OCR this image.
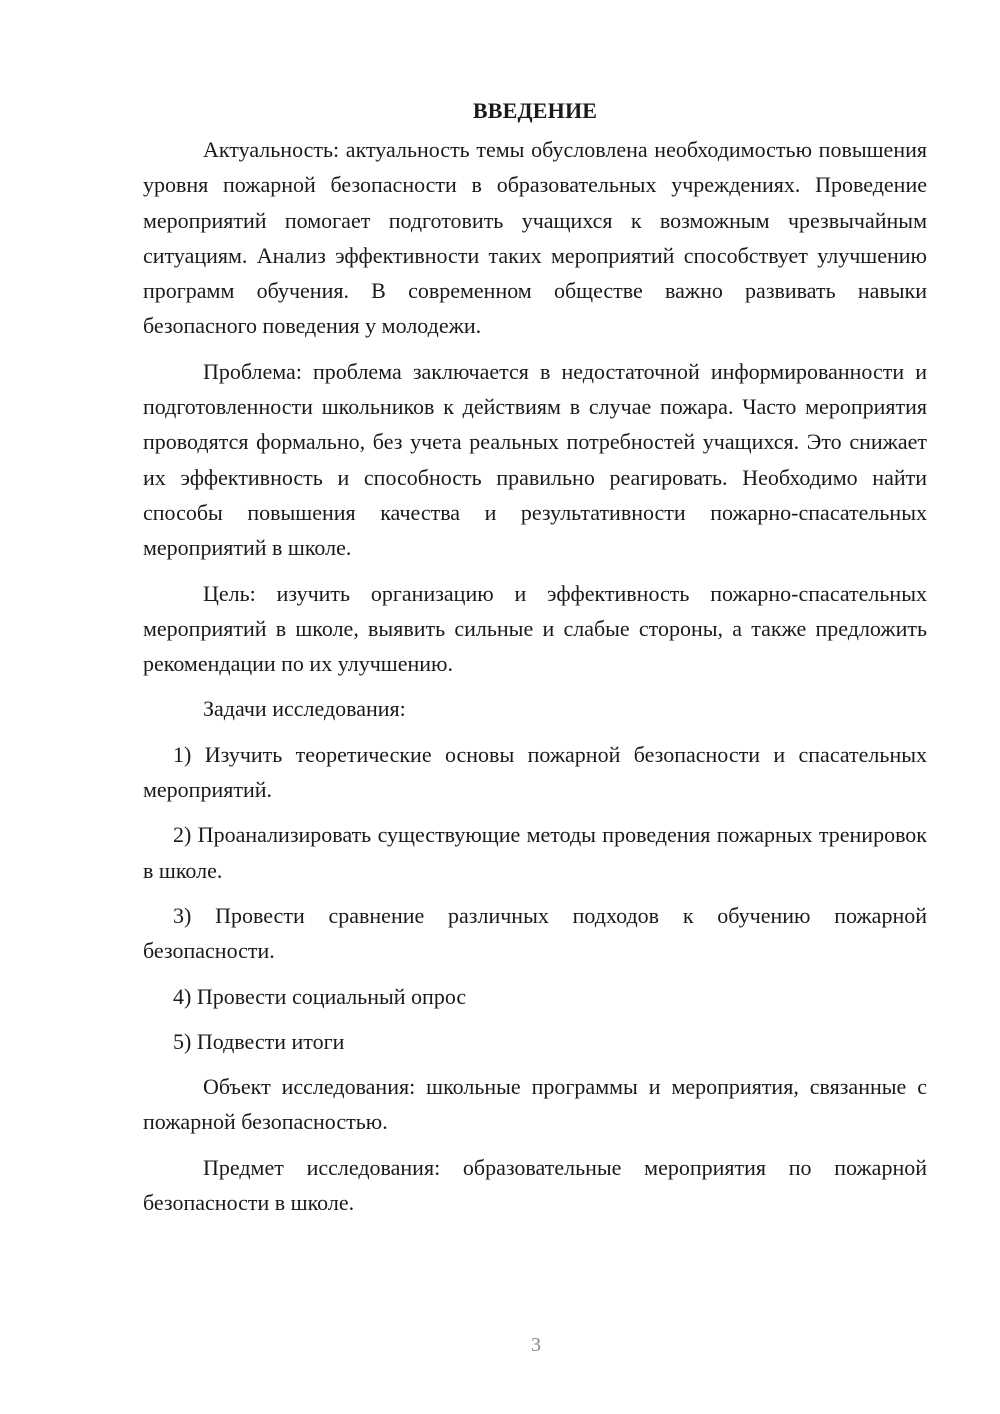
ВВЕДЕНИЕ

Актуальность: актуальность темы обусловлена необходимостью повышения уровня пожарной безопасности в образовательных учреждениях. Проведение мероприятий помогает подготовить учащихся к возможным чрезвычайным ситуациям. Анализ эффективности таких мероприятий способствует улучшению программ обучения. В современном обществе важно развивать навыки безопасного поведения у молодежи.

Проблема: проблема заключается в недостаточной информированности и подготовленности школьников к действиям в случае пожара. Часто мероприятия проводятся формально, без учета реальных потребностей учащихся. Это снижает их эффективность и способность правильно реагировать. Необходимо найти способы повышения качества и результативности пожарно-спасательных мероприятий в школе.

Цель: изучить организацию и эффективность пожарно-спасательных мероприятий в школе, выявить сильные и слабые стороны, а также предложить рекомендации по их улучшению.

Задачи исследования:

1) Изучить теоретические основы пожарной безопасности и спасательных мероприятий.

2) Проанализировать существующие методы проведения пожарных тренировок в школе.

3) Провести сравнение различных подходов к обучению пожарной безопасности.

4) Провести социальный опрос

5) Подвести итоги

Объект исследования: школьные программы и мероприятия, связанные с пожарной безопасностью.

Предмет исследования: образовательные мероприятия по пожарной безопасности в школе.

3
